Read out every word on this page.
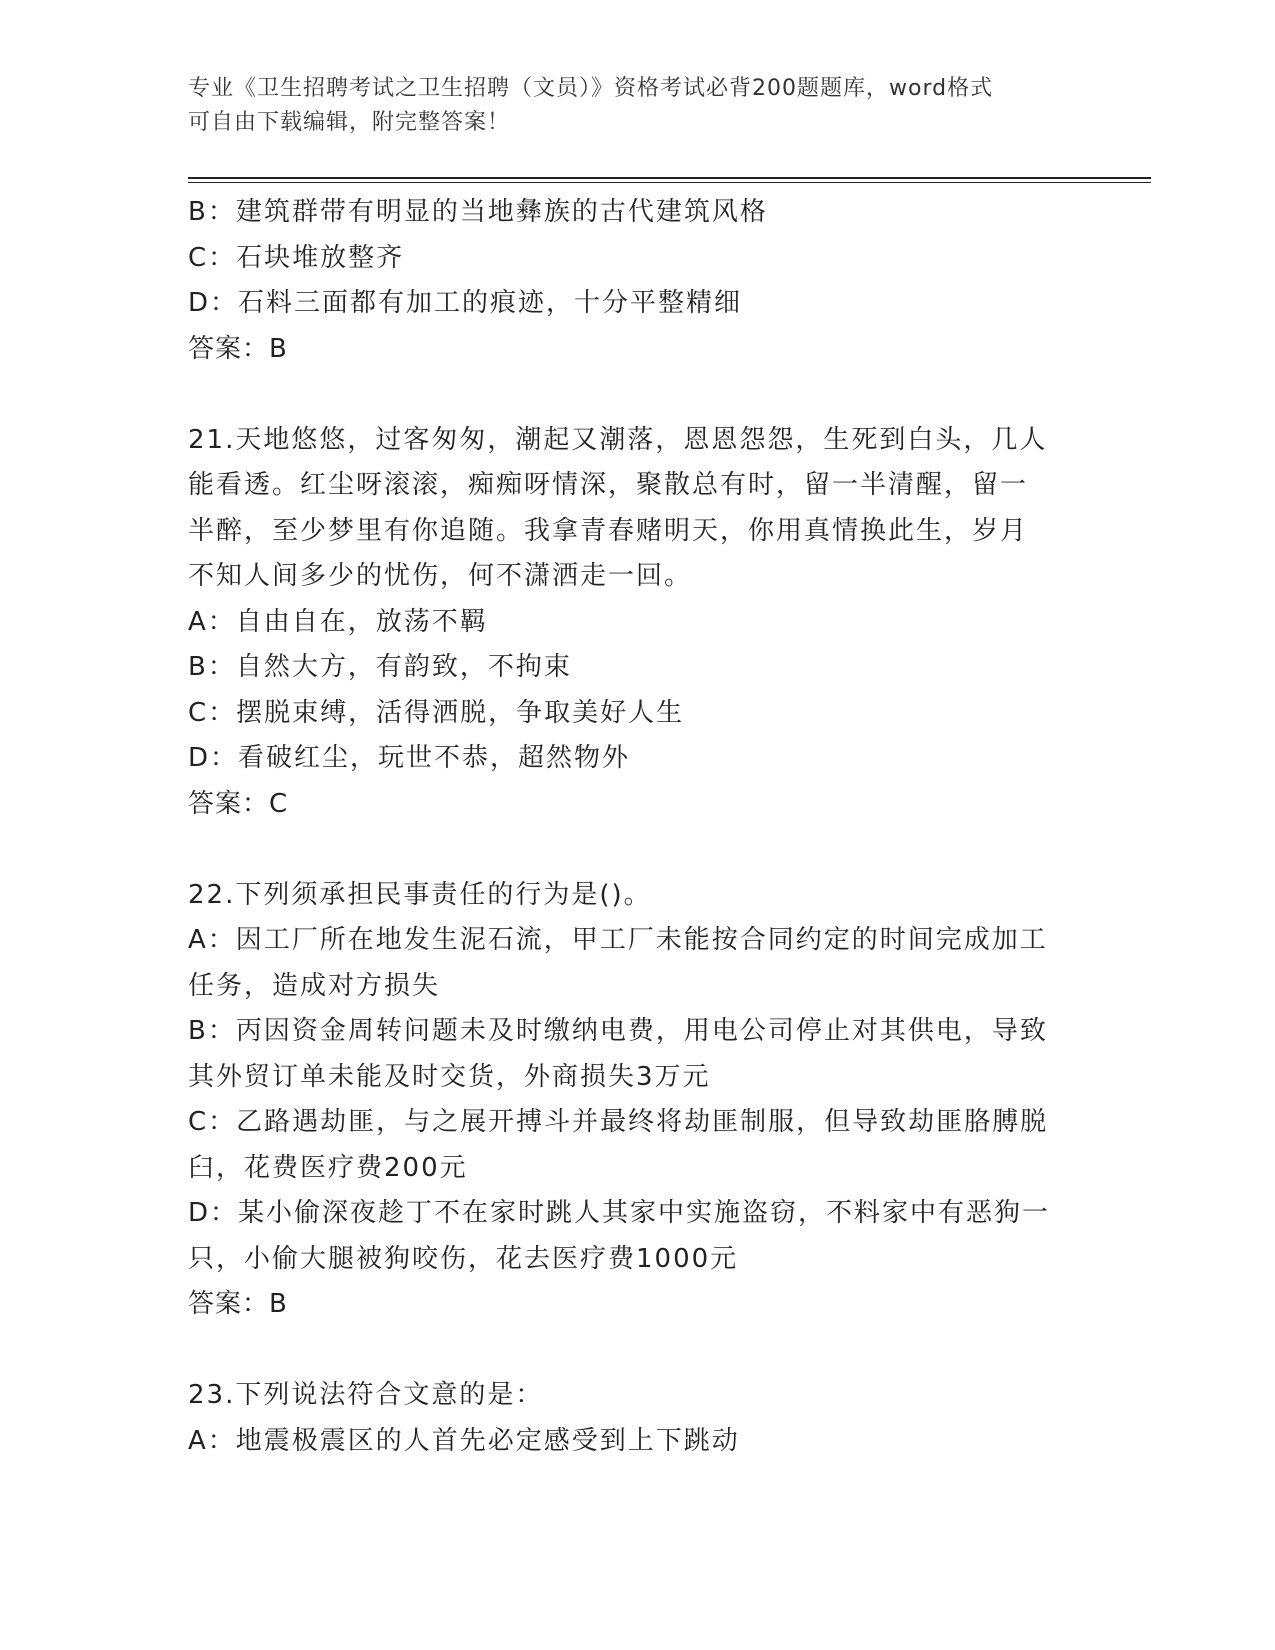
专业《卫生招聘考试之卫生招聘（文员）》资格考试必背200题题库，word格式
可自由下载编辑，附完整答案！
B：建筑群带有明显的当地彝族的古代建筑风格
C：石块堆放整齐
D：石料三面都有加工的痕迹，十分平整精细
答案：B
21.天地悠悠，过客匆匆，潮起又潮落，恩恩怨怨，生死到白头，几人
能看透。红尘呀滚滚，痴痴呀情深，聚散总有时，留一半清醒，留一
半醉，至少梦里有你追随。我拿青春赌明天，你用真情换此生，岁月
不知人间多少的忧伤，何不潇洒走一回。
A：自由自在，放荡不羁
B：自然大方，有韵致，不拘束
C：摆脱束缚，活得洒脱，争取美好人生
D：看破红尘，玩世不恭，超然物外
答案：C
22.下列须承担民事责任的行为是()。
A：因工厂所在地发生泥石流，甲工厂未能按合同约定的时间完成加工
任务，造成对方损失
B：丙因资金周转问题未及时缴纳电费，用电公司停止对其供电，导致
其外贸订单未能及时交货，外商损失3万元
C：乙路遇劫匪，与之展开搏斗并最终将劫匪制服，但导致劫匪胳膊脱
臼，花费医疗费200元
D：某小偷深夜趁丁不在家时跳人其家中实施盗窃，不料家中有恶狗一
只，小偷大腿被狗咬伤，花去医疗费1000元
答案：B
23.下列说法符合文意的是：
A：地震极震区的人首先必定感受到上下跳动
